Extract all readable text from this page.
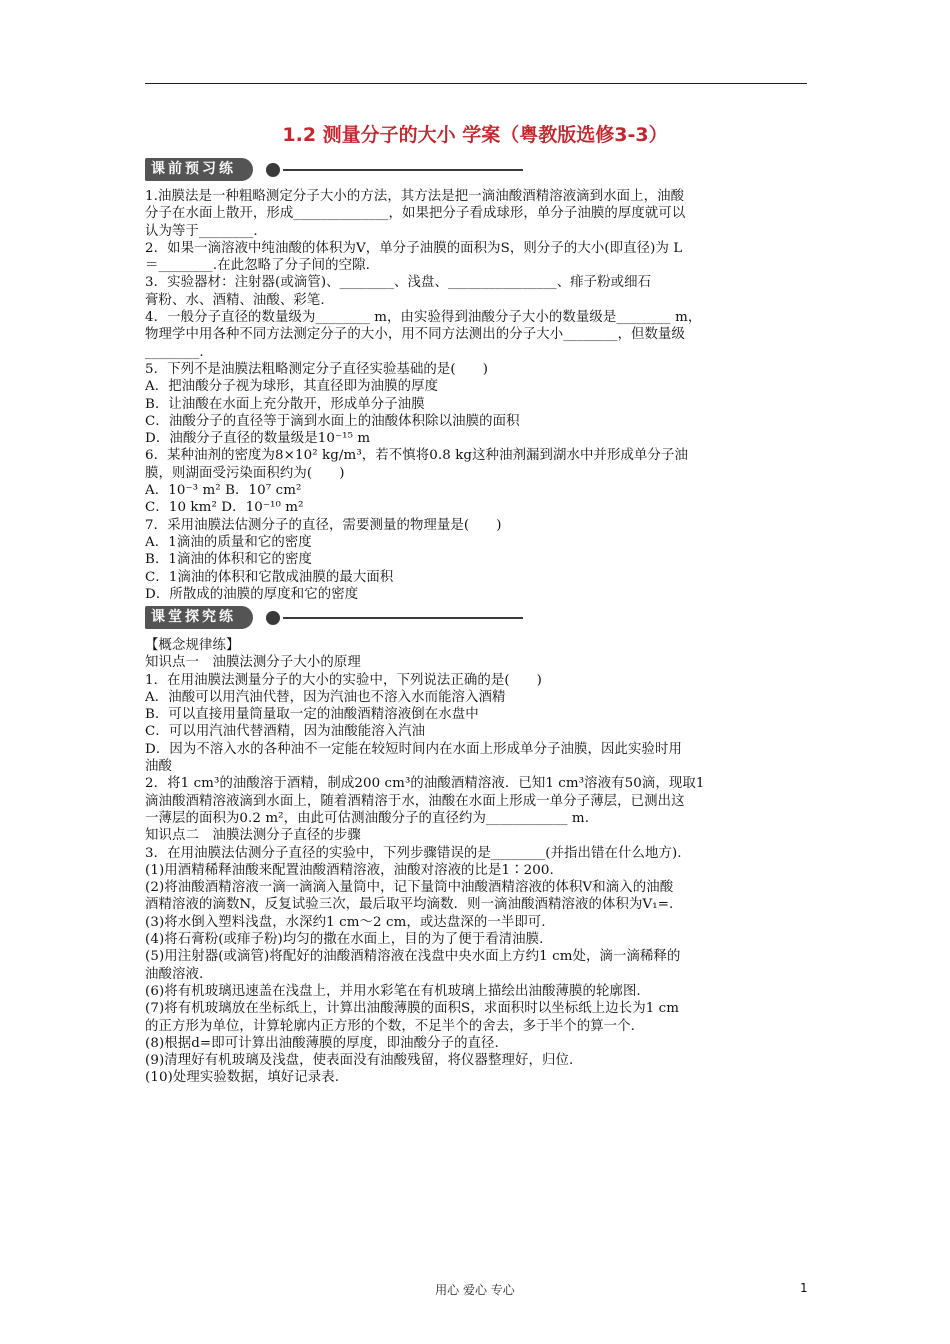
1.2 测量分子的大小 学案（粤教版选修3-3）
课前预习练
1.油膜法是一种粗略测定分子大小的方法，其方法是把一滴油酸酒精溶液滴到水面上，油酸
分子在水面上散开，形成______________，如果把分子看成球形，单分子油膜的厚度就可以
认为等于________.
2．如果一滴溶液中纯油酸的体积为V，单分子油膜的面积为S，则分子的大小(即直径)为 L
＝________.在此忽略了分子间的空隙.
3．实验器材：注射器(或滴管)、________、浅盘、________________、痱子粉或细石
膏粉、水、酒精、油酸、彩笔.
4．一般分子直径的数量级为________ m，由实验得到油酸分子大小的数量级是________ m，
物理学中用各种不同方法测定分子的大小，用不同方法测出的分子大小________，但数量级
________.
5．下列不是油膜法粗略测定分子直径实验基础的是(　　)
A．把油酸分子视为球形，其直径即为油膜的厚度
B．让油酸在水面上充分散开，形成单分子油膜
C．油酸分子的直径等于滴到水面上的油酸体积除以油膜的面积
D．油酸分子直径的数量级是10⁻¹⁵ m
6．某种油剂的密度为8×10² kg/m³，若不慎将0.8 kg这种油剂漏到湖水中并形成单分子油
膜，则湖面受污染面积约为(　　)
A．10⁻³ m² B．10⁷ cm²
C．10 km² D．10⁻¹⁰ m²
7．采用油膜法估测分子的直径，需要测量的物理量是(　　)
A．1滴油的质量和它的密度
B．1滴油的体积和它的密度
C．1滴油的体积和它散成油膜的最大面积
D．所散成的油膜的厚度和它的密度
课堂探究练
【概念规律练】
知识点一　油膜法测分子大小的原理
1．在用油膜法测量分子的大小的实验中，下列说法正确的是(　　)
A．油酸可以用汽油代替，因为汽油也不溶入水而能溶入酒精
B．可以直接用量筒量取一定的油酸酒精溶液倒在水盘中
C．可以用汽油代替酒精，因为油酸能溶入汽油
D．因为不溶入水的各种油不一定能在较短时间内在水面上形成单分子油膜，因此实验时用
油酸
2．将1 cm³的油酸溶于酒精，制成200 cm³的油酸酒精溶液．已知1 cm³溶液有50滴，现取1
滴油酸酒精溶液滴到水面上，随着酒精溶于水，油酸在水面上形成一单分子薄层，已测出这
一薄层的面积为0.2 m²，由此可估测油酸分子的直径约为____________ m.
知识点二　油膜法测分子直径的步骤
3．在用油膜法估测分子直径的实验中，下列步骤错误的是________(并指出错在什么地方).
(1)用酒精稀释油酸来配置油酸酒精溶液，油酸对溶液的比是1∶200.
(2)将油酸酒精溶液一滴一滴滴入量筒中，记下量筒中油酸酒精溶液的体积V和滴入的油酸
酒精溶液的滴数N，反复试验三次，最后取平均滴数．则一滴油酸酒精溶液的体积为V₁=.
(3)将水倒入塑料浅盘，水深约1 cm～2 cm，或达盘深的一半即可.
(4)将石膏粉(或痱子粉)均匀的撒在水面上，目的为了便于看清油膜.
(5)用注射器(或滴管)将配好的油酸酒精溶液在浅盘中央水面上方约1 cm处，滴一滴稀释的
油酸溶液.
(6)将有机玻璃迅速盖在浅盘上，并用水彩笔在有机玻璃上描绘出油酸薄膜的轮廓图.
(7)将有机玻璃放在坐标纸上，计算出油酸薄膜的面积S，求面积时以坐标纸上边长为1 cm
的正方形为单位，计算轮廓内正方形的个数，不足半个的舍去，多于半个的算一个.
(8)根据d=即可计算出油酸薄膜的厚度，即油酸分子的直径.
(9)清理好有机玻璃及浅盘，使表面没有油酸残留，将仪器整理好，归位.
(10)处理实验数据，填好记录表.
用心 爱心 专心	1
